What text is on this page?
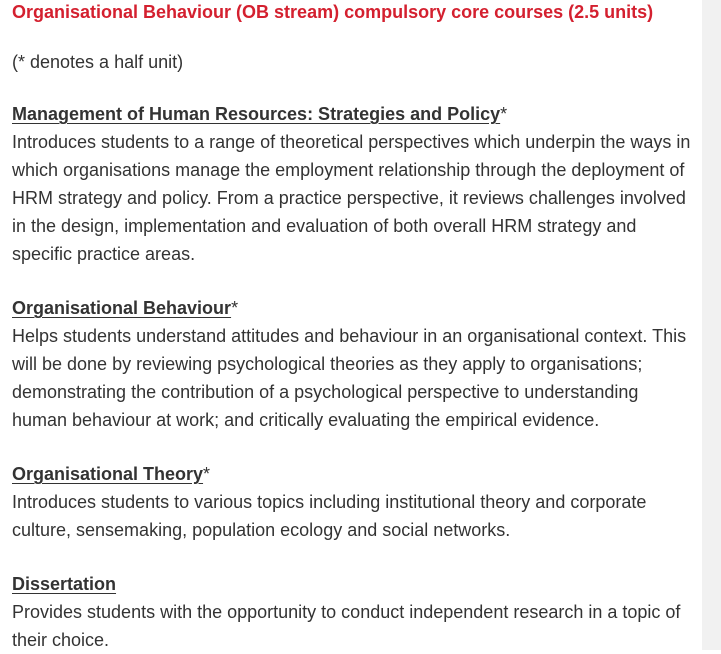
Organisational Behaviour (OB stream) compulsory core courses (2.5 units)

(* denotes a half unit)

Management of Human Resources: Strategies and Policy*

Introduces students to a range of theoretical perspectives which underpin the ways in which organisations manage the employment relationship through the deployment of HRM strategy and policy. From a practice perspective, it reviews challenges involved in the design, implementation and evaluation of both overall HRM strategy and specific practice areas.

Organisational Behaviour*

Helps students understand attitudes and behaviour in an organisational context. This will be done by reviewing psychological theories as they apply to organisations; demonstrating the contribution of a psychological perspective to understanding human behaviour at work; and critically evaluating the empirical evidence.

Organisational Theory*

Introduces students to various topics including institutional theory and corporate culture, sensemaking, population ecology and social networks.

Dissertation

Provides students with the opportunity to conduct independent research in a topic of their choice.
